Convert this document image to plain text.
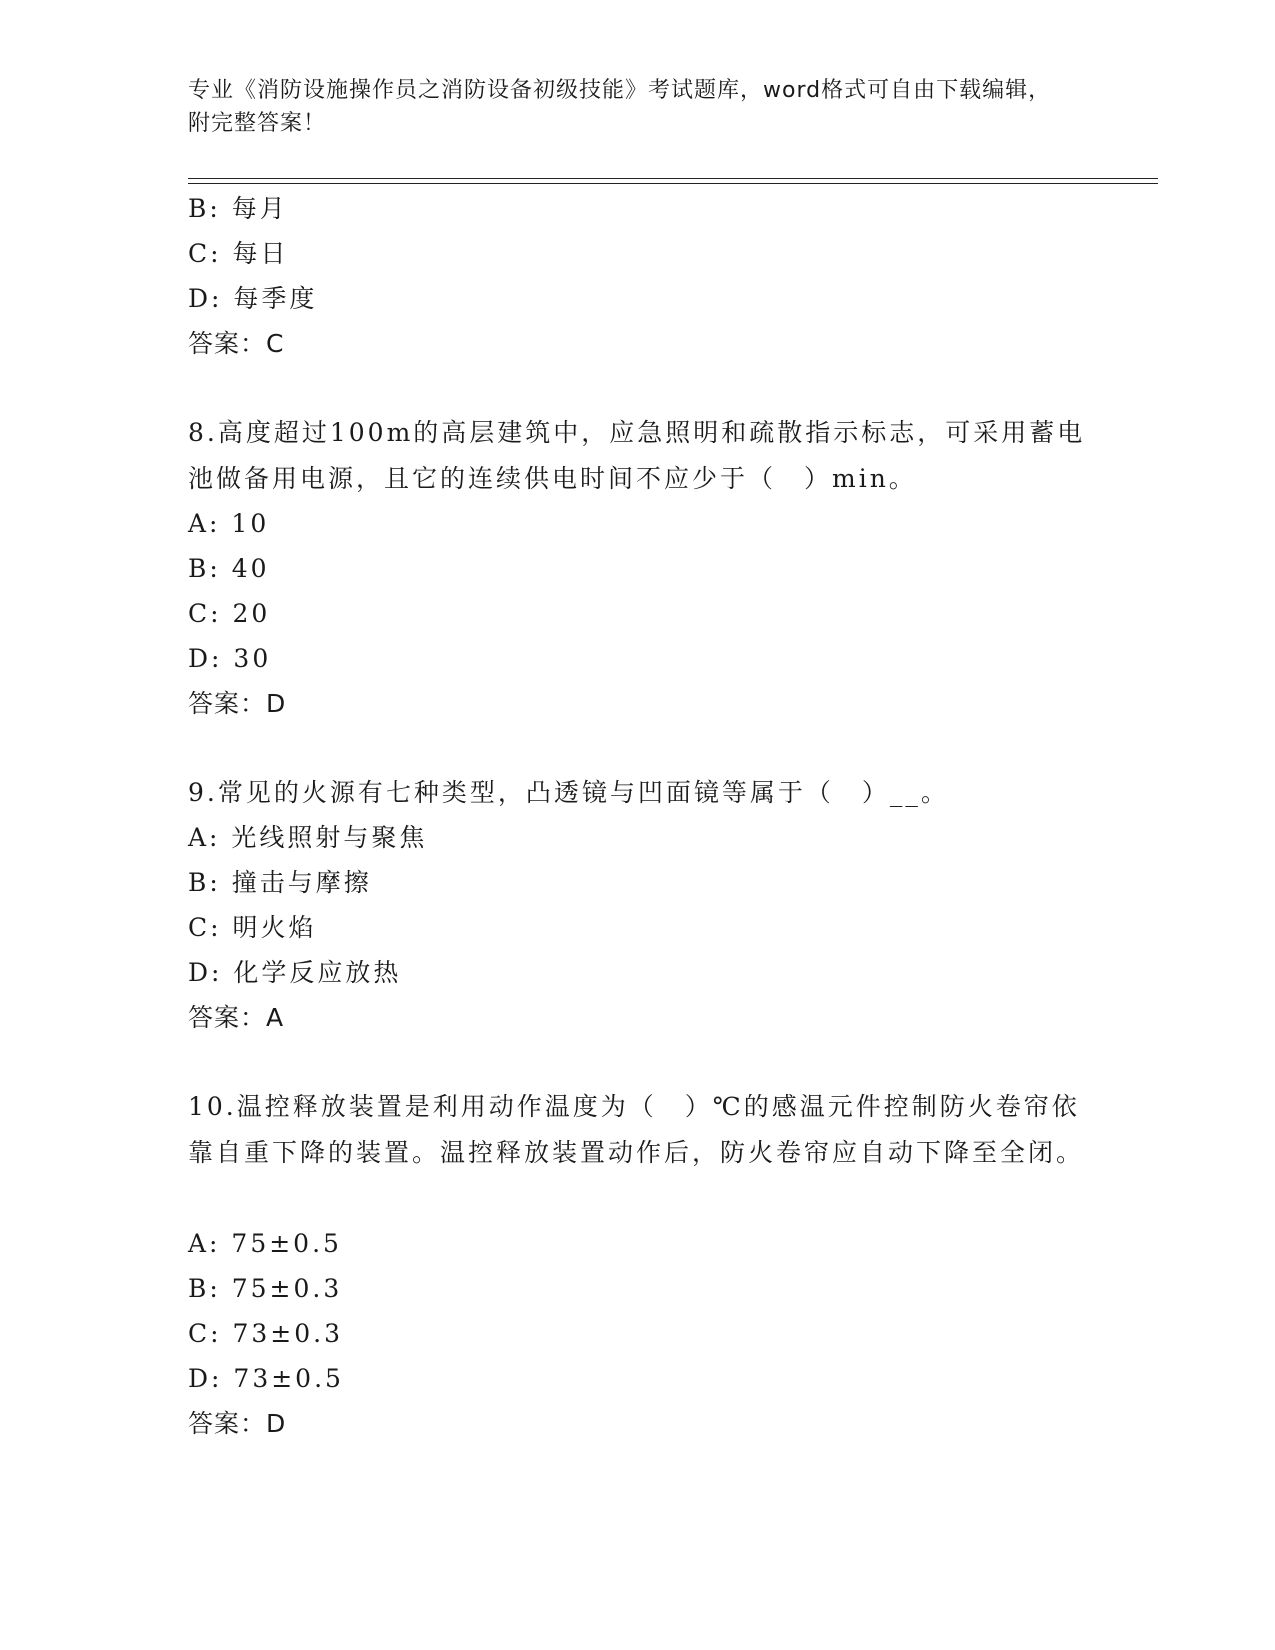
专业《消防设施操作员之消防设备初级技能》考试题库，word格式可自由下载编辑，附完整答案！
B: 每月
C: 每日
D: 每季度
答案：C
8.高度超过100m的高层建筑中，应急照明和疏散指示标志，可采用蓄电池做备用电源，且它的连续供电时间不应少于（　）min。
A: 10
B: 40
C: 20
D: 30
答案：D
9.常见的火源有七种类型，凸透镜与凹面镜等属于（　）__。
A: 光线照射与聚焦
B: 撞击与摩擦
C: 明火焰
D: 化学反应放热
答案：A
10.温控释放装置是利用动作温度为（　）℃的感温元件控制防火卷帘依靠自重下降的装置。温控释放装置动作后，防火卷帘应自动下降至全闭。
A: 75±0.5
B: 75±0.3
C: 73±0.3
D: 73±0.5
答案：D
